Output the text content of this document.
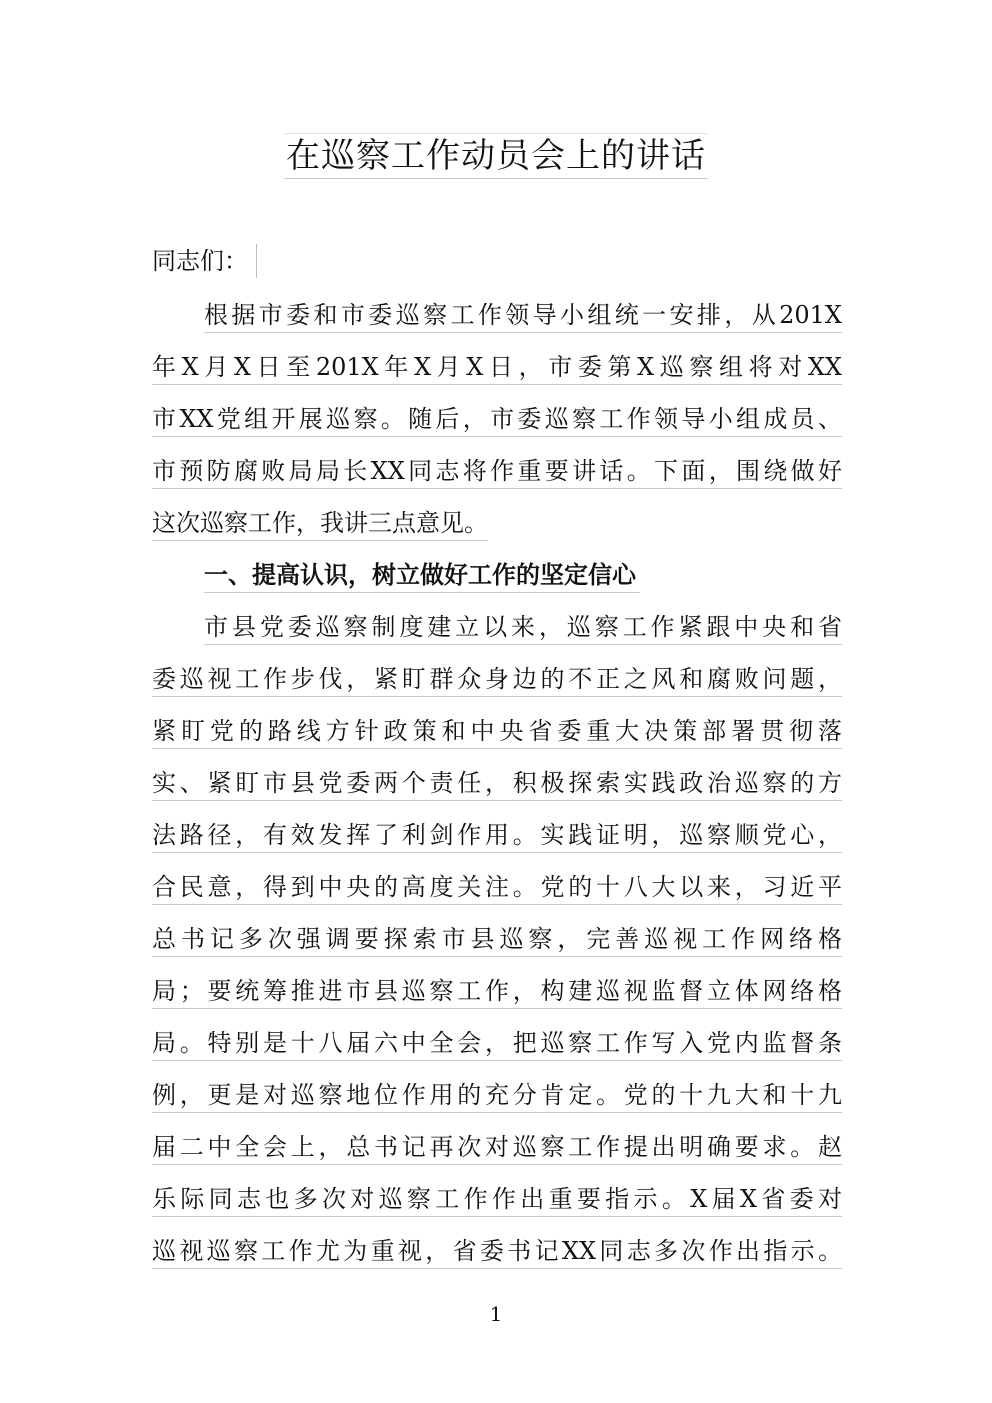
在巡察工作动员会上的讲话
同志们：
根据市委和市委巡察工作领导小组统一安排，从201X
年X月X日至201X年X月X日，市委第X巡察组将对XX
市XX党组开展巡察。随后，市委巡察工作领导小组成员、
市预防腐败局局长XX同志将作重要讲话。下面，围绕做好
这次巡察工作，我讲三点意见。
一、提高认识，树立做好工作的坚定信心
市县党委巡察制度建立以来，巡察工作紧跟中央和省
委巡视工作步伐，紧盯群众身边的不正之风和腐败问题，
紧盯党的路线方针政策和中央省委重大决策部署贯彻落
实、紧盯市县党委两个责任，积极探索实践政治巡察的方
法路径，有效发挥了利剑作用。实践证明，巡察顺党心，
合民意，得到中央的高度关注。党的十八大以来，习近平
总书记多次强调要探索市县巡察，完善巡视工作网络格
局；要统筹推进市县巡察工作，构建巡视监督立体网络格
局。特别是十八届六中全会，把巡察工作写入党内监督条
例，更是对巡察地位作用的充分肯定。党的十九大和十九
届二中全会上，总书记再次对巡察工作提出明确要求。赵
乐际同志也多次对巡察工作作出重要指示。X届X省委对
巡视巡察工作尤为重视，省委书记XX同志多次作出指示。
1
